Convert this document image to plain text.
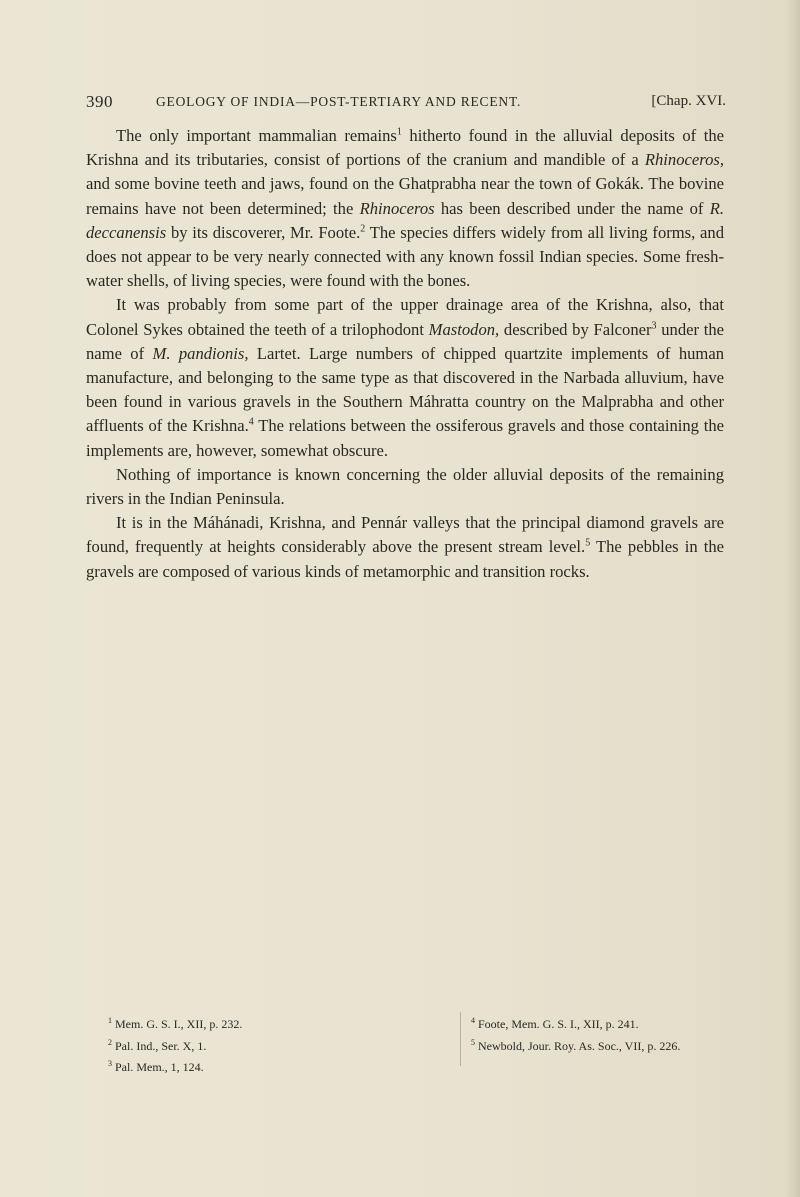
390	GEOLOGY OF INDIA—POST-TERTIARY AND RECENT.	[Chap. XVI.

The only important mammalian remains$^1$ hitherto found in the alluvial deposits of the Krishna and its tributaries, consist of portions of the cranium and mandible of a Rhinoceros, and some bovine teeth and jaws, found on the Ghatprabha near the town of Gokák. The bovine remains have not been determined; the Rhinoceros has been described under the name of R. deccanensis by its discoverer, Mr. Foote.$^2$ The species differs widely from all living forms, and does not appear to be very nearly connected with any known fossil Indian species. Some fresh-water shells, of living species, were found with the bones.

It was probably from some part of the upper drainage area of the Krishna, also, that Colonel Sykes obtained the teeth of a trilophodont Mastodon, described by Falconer$^3$ under the name of M. pandionis, Lartet. Large numbers of chipped quartzite implements of human manufacture, and belonging to the same type as that discovered in the Narbada alluvium, have been found in various gravels in the Southern Máhratta country on the Malprabha and other affluents of the Krishna.$^4$ The relations between the ossiferous gravels and those containing the implements are, however, somewhat obscure.

Nothing of importance is known concerning the older alluvial deposits of the remaining rivers in the Indian Peninsula.

It is in the Máhánadi, Krishna, and Pennár valleys that the principal diamond gravels are found, frequently at heights considerably above the present stream level.$^5$ The pebbles in the gravels are composed of various kinds of metamorphic and transition rocks.

$^1$ Mem. G. S. I., XII, p. 232.
$^2$ Pal. Ind., Ser. X, 1.
$^3$ Pal. Mem., 1, 124.
$^4$ Foote, Mem. G. S. I., XII, p. 241.
$^5$ Newbold, Jour. Roy. As. Soc., VII, p. 226.
